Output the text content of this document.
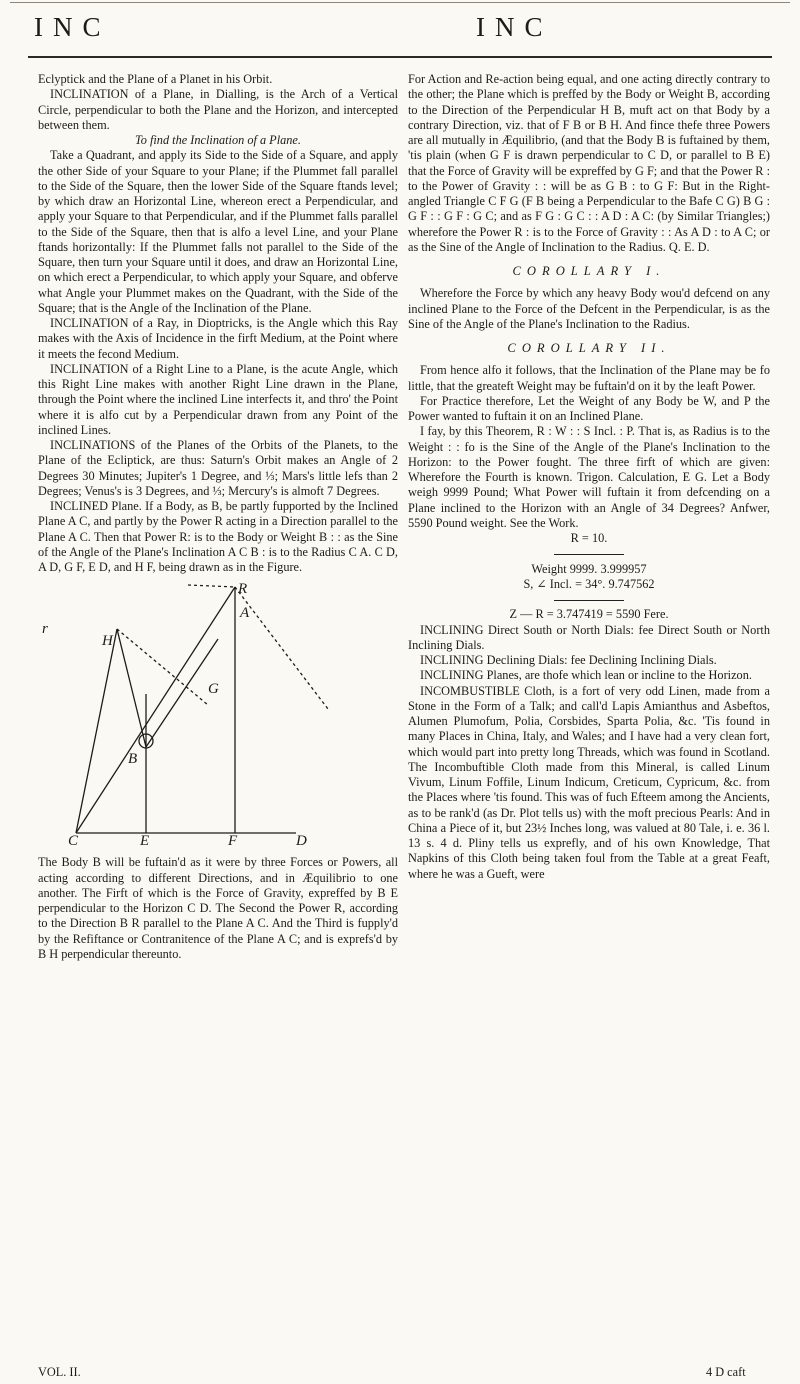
INC	INC

Eclyptick and the Plane of a Planet in his Orbit.

INCLINATION of a Plane, in Dialling, is the Arch of a Vertical Circle, perpendicular to both the Plane and the Horizon, and intercepted between them.

To find the Inclination of a Plane.

Take a Quadrant, and apply its Side to the Side of a Square, and apply the other Side of your Square to your Plane; if the Plummet fall parallel to the Side of the Square, then the lower Side of the Square ftands level; by which draw an Horizontal Line, whereon erect a Perpendicular, and apply your Square to that Perpendicular, and if the Plummet falls parallel to the Side of the Square, then that is alfo a level Line, and your Plane ftands horizontally: If the Plummet falls not parallel to the Side of the Square, then turn your Square until it does, and draw an Horizontal Line, on which erect a Perpendicular, to which apply your Square, and obferve what Angle your Plummet makes on the Quadrant, with the Side of the Square; that is the Angle of the Inclination of the Plane.

INCLINATION of a Ray, in Dioptricks, is the Angle which this Ray makes with the Axis of Incidence in the firft Medium, at the Point where it meets the fecond Medium.

INCLINATION of a Right Line to a Plane, is the acute Angle, which this Right Line makes with another Right Line drawn in the Plane, through the Point where the inclined Line interfects it, and thro' the Point where it is alfo cut by a Perpendicular drawn from any Point of the inclined Lines.

INCLINATIONS of the Planes of the Orbits of the Planets, to the Plane of the Ecliptick, are thus: Saturn's Orbit makes an Angle of 2 Degrees 30 Minutes; Jupiter's 1 Degree, and ⅓; Mars's little lefs than 2 Degrees; Venus's is 3 Degrees, and ⅓; Mercury's is almoft 7 Degrees.

INCLINED Plane. If a Body, as B, be partly fupported by the Inclined Plane A C, and partly by the Power R acting in a Direction parallel to the Plane A C. Then that Power R: is to the Body or Weight B : : as the Sine of the Angle of the Plane's Inclination A C B : is to the Radius C A. C D, A D, G F, E D, and H F, being drawn as in the Figure.

R
A
G
H
B
C	E	F	D
r

The Body B will be fuftain'd as it were by three Forces or Powers, all acting according to different Directions, and in Æquilibrio to one another. The Firft of which is the Force of Gravity, expreffed by B E perpendicular to the Horizon C D. The Second the Power R, according to the Direction B R parallel to the Plane A C. And the Third is fupply'd by the Refiftance or Contranitence of the Plane A C; and is exprefs'd by B H perpendicular thereunto.

For Action and Re-action being equal, and one acting directly contrary to the other; the Plane which is preffed by the Body or Weight B, according to the Direction of the Perpendicular H B, muft act on that Body by a contrary Direction, viz. that of F B or B H. And fince thefe three Powers are all mutually in Æquilibrio, (and that the Body B is fuftained by them, 'tis plain (when G F is drawn perpendicular to C D, or parallel to B E) that the Force of Gravity will be expreffed by G F; and that the Power R : to the Power of Gravity : : will be as G B : to G F: But in the Right-angled Triangle C F G (F B being a Perpendicular to the Bafe C G) B G : G F : : G F : G C; and as F G : G C : : A D : A C: (by Similar Triangles;) wherefore the Power R : is to the Force of Gravity : : As A D : to A C; or as the Sine of the Angle of Inclination to the Radius. Q. E. D.

COROLLARY I.

Wherefore the Force by which any heavy Body wou'd defcend on any inclined Plane to the Force of the Defcent in the Perpendicular, is as the Sine of the Angle of the Plane's Inclination to the Radius.

COROLLARY II.

From hence alfo it follows, that the Inclination of the Plane may be fo little, that the greateft Weight may be fuftain'd on it by the leaft Power.

For Practice therefore, Let the Weight of any Body be W, and P the Power wanted to fuftain it on an Inclined Plane.

I fay, by this Theorem, R : W : : S Incl. : P. That is, as Radius is to the Weight : : fo is the Sine of the Angle of the Plane's Inclination to the Horizon: to the Power fought. The three firft of which are given: Wherefore the Fourth is known. Trigon. Calculation, E G. Let a Body weigh 9999 Pound; What Power will fuftain it from defcending on a Plane inclined to the Horizon with an Angle of 34 Degrees? Anfwer, 5590 Pound weight. See the Work.

R = 10.

Weight 9999. 3.999957

S, ∠ Incl. = 34°. 9.747562

Z — R = 3.747419 = 5590 Fere.

INCLINING Direct South or North Dials: fee Direct South or North Inclining Dials.

INCLINING Declining Dials: fee Declining Inclining Dials.

INCLINING Planes, are thofe which lean or incline to the Horizon.

INCOMBUSTIBLE Cloth, is a fort of very odd Linen, made from a Stone in the Form of a Talk; and call'd Lapis Amianthus and Asbeftos, Alumen Plumofum, Polia, Corsbides, Sparta Polia, &c. 'Tis found in many Places in China, Italy, and Wales; and I have had a very clean fort, which would part into pretty long Threads, which was found in Scotland. The Incombuftible Cloth made from this Mineral, is called Linum Vivum, Linum Foffile, Linum Indicum, Creticum, Cypricum, &c. from the Places where 'tis found. This was of fuch Efteem among the Ancients, as to be rank'd (as Dr. Plot tells us) with the moft precious Pearls: And in China a Piece of it, but 23½ Inches long, was valued at 80 Tale, i. e. 36 l. 13 s. 4 d. Pliny tells us exprefly, and of his own Knowledge, That Napkins of this Cloth being taken foul from the Table at a great Feaft, where he was a Gueft, were

VOL. II.	4 D caft
